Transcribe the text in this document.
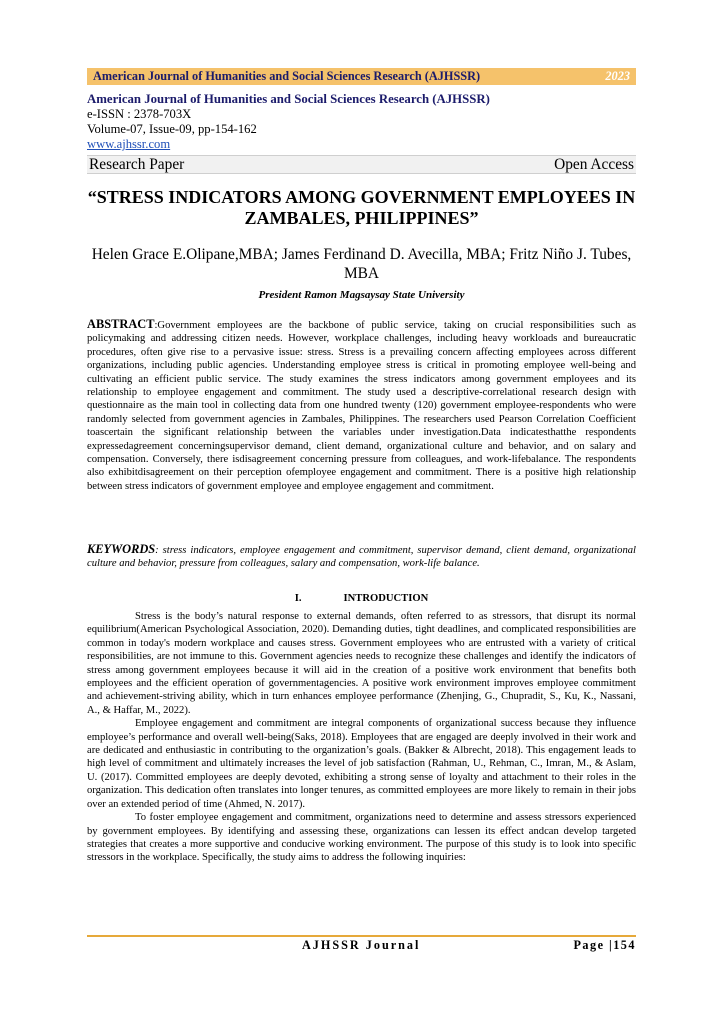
American Journal of Humanities and Social Sciences Research (AJHSSR)	2023
American Journal of Humanities and Social Sciences Research (AJHSSR)
e-ISSN : 2378-703X
Volume-07, Issue-09, pp-154-162
www.ajhssr.com
Research Paper	Open Access
“STRESS INDICATORS AMONG GOVERNMENT EMPLOYEES IN ZAMBALES, PHILIPPINES”
Helen Grace E.Olipane,MBA; James Ferdinand D. Avecilla, MBA; Fritz Niño J. Tubes, MBA
President Ramon Magsaysay State University
ABSTRACT:Government employees are the backbone of public service, taking on crucial responsibilities such as policymaking and addressing citizen needs. However, workplace challenges, including heavy workloads and bureaucratic procedures, often give rise to a pervasive issue: stress. Stress is a prevailing concern affecting employees across different organizations, including public agencies. Understanding employee stress is critical in promoting employee well-being and cultivating an efficient public service. The study examines the stress indicators among government employees and its relationship to employee engagement and commitment. The study used a descriptive-correlational research design with questionnaire as the main tool in collecting data from one hundred twenty (120) government employee-respondents who were randomly selected from government agencies in Zambales, Philippines. The researchers used Pearson Correlation Coefficient toascertain the significant relationship between the variables under investigation.Data indicatesthatthe respondents expressedagreement concerningsupervisor demand, client demand, organizational culture and behavior, and on salary and compensation. Conversely, there isdisagreement concerning pressure from colleagues, and work-lifebalance. The respondents also exhibitdisagreement on their perception ofemployee engagement and commitment. There is a positive high relationship between stress indicators of government employee and employee engagement and commitment.
KEYWORDS: stress indicators, employee engagement and commitment, supervisor demand, client demand, organizational culture and behavior, pressure from colleagues, salary and compensation, work-life balance.
I.	INTRODUCTION

Stress is the body’s natural response to external demands, often referred to as stressors, that disrupt its normal equilibrium(American Psychological Association, 2020). Demanding duties, tight deadlines, and complicated responsibilities are common in today's modern workplace and causes stress. Government employees who are entrusted with a variety of critical responsibilities, are not immune to this. Government agencies needs to recognize these challenges and identify the indicators of stress among government employees because it will aid in the creation of a positive work environment that benefits both employees and the efficient operation of governmentagencies. A positive work environment improves employee commitment and achievement-striving ability, which in turn enhances employee performance (Zhenjing, G., Chupradit, S., Ku, K., Nassani, A., & Haffar, M., 2022).

Employee engagement and commitment are integral components of organizational success because they influence employee’s performance and overall well-being(Saks, 2018). Employees that are engaged are deeply involved in their work and are dedicated and enthusiastic in contributing to the organization’s goals. (Bakker & Albrecht, 2018). This engagement leads to high level of commitment and ultimately increases the level of job satisfaction (Rahman, U., Rehman, C., Imran, M., & Aslam, U. (2017). Committed employees are deeply devoted, exhibiting a strong sense of loyalty and attachment to their roles in the organization. This dedication often translates into longer tenures, as committed employees are more likely to remain in their jobs over an extended period of time (Ahmed, N. 2017).

To foster employee engagement and commitment, organizations need to determine and assess stressors experienced by government employees. By identifying and assessing these, organizations can lessen its effect andcan develop targeted strategies that creates a more supportive and conducive working environment. The purpose of this study is to look into specific stressors in the workplace. Specifically, the study aims to address the following inquiries:

AJHSSR Journal	Page |154
